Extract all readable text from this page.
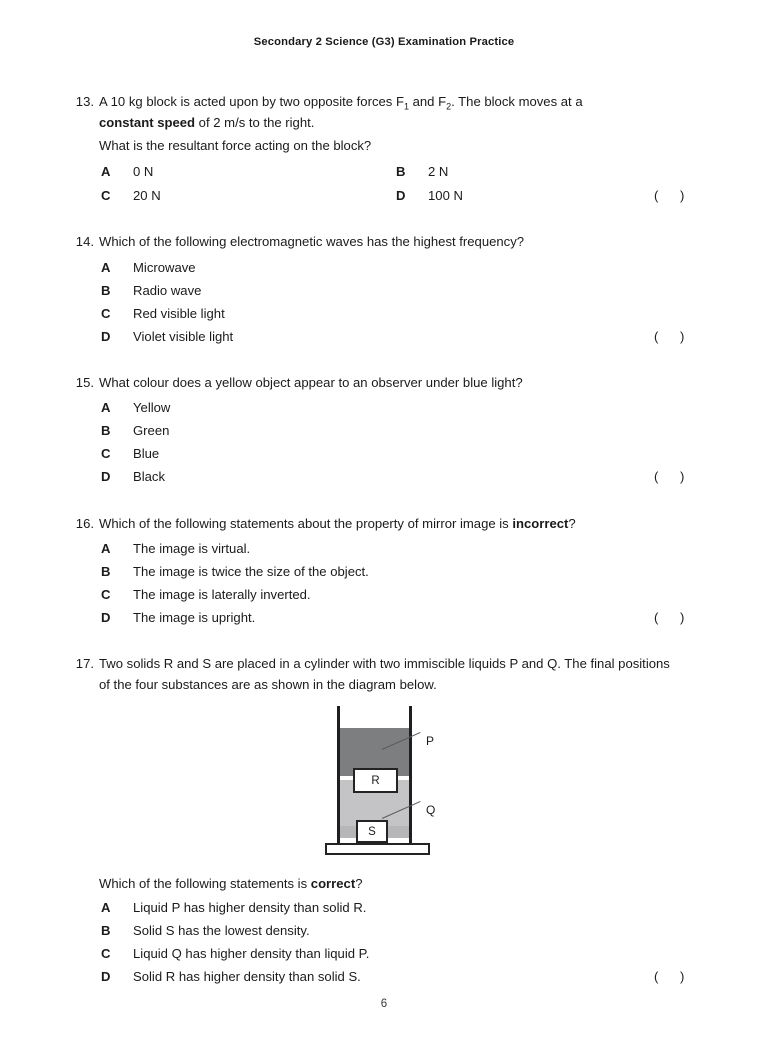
Secondary 2 Science (G3) Examination Practice
13. A 10 kg block is acted upon by two opposite forces $F_1$ and $F_2$. The block moves at a
constant speed of 2 m/s to the right.
What is the resultant force acting on the block?
A	0 N	B	2 N
C	20 N	D	100 N	( )
14. Which of the following electromagnetic waves has the highest frequency?
A	Microwave
B	Radio wave
C	Red visible light
D	Violet visible light	( )
15. What colour does a yellow object appear to an observer under blue light?
A	Yellow
B	Green
C	Blue
D	Black	( )
16. Which of the following statements about the property of mirror image is incorrect?
A	The image is virtual.
B	The image is twice the size of the object.
C	The image is laterally inverted.
D	The image is upright.	( )
17. Two solids R and S are placed in a cylinder with two immiscible liquids P and Q. The final positions of the four substances are as shown in the diagram below.
R
S
P
Q
Which of the following statements is correct?
A	Liquid P has higher density than solid R.
B	Solid S has the lowest density.
C	Liquid Q has higher density than liquid P.
D	Solid R has higher density than solid S.	( )
6
